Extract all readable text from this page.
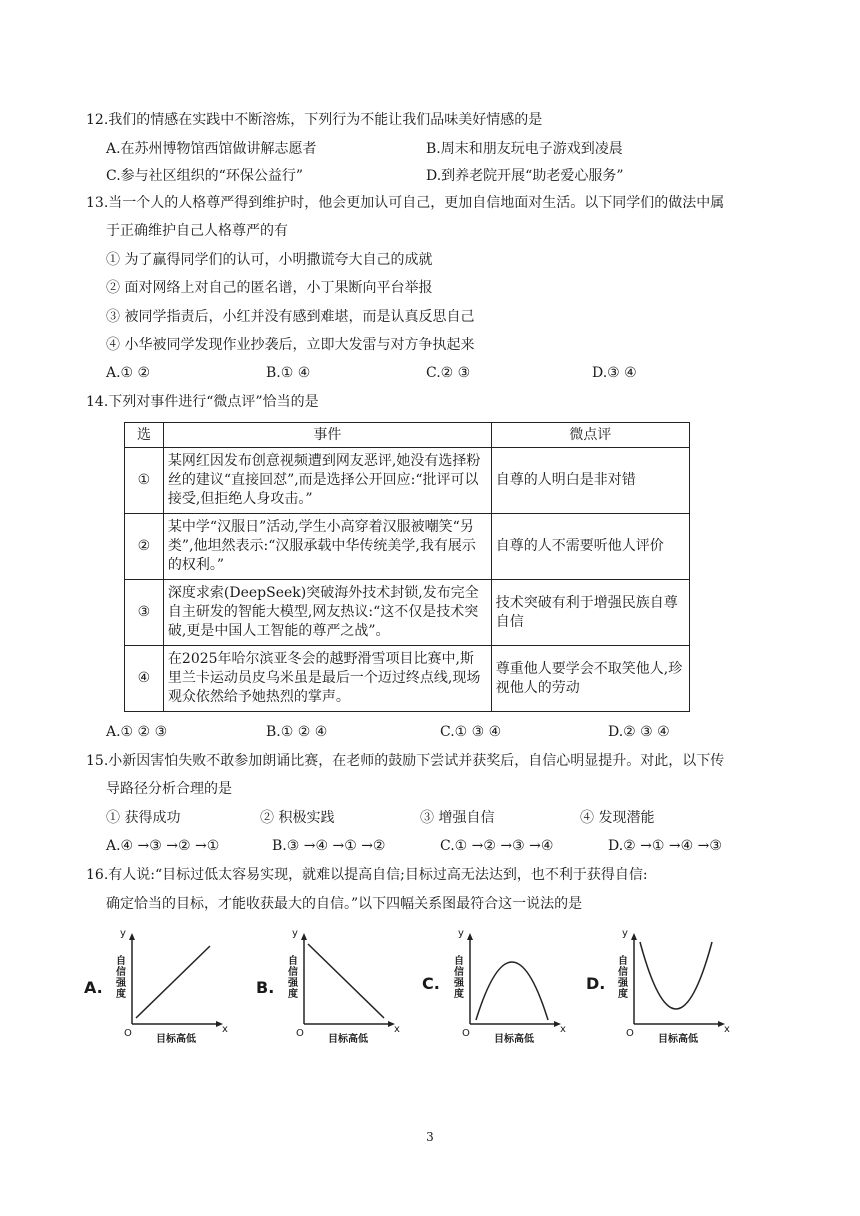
12.我们的情感在实践中不断溶炼，下列行为不能让我们品味美好情感的是
A.在苏州博物馆西馆做讲解志愿者	B.周末和朋友玩电子游戏到凌晨
C.参与社区组织的“环保公益行”	D.到养老院开展“助老爱心服务”
13.当一个人的人格尊严得到维护时，他会更加认可自己，更加自信地面对生活。以下同学们的做法中属
于正确维护自己人格尊严的有
① 为了赢得同学们的认可，小明撒谎夸大自己的成就
② 面对网络上对自己的匿名谱，小丁果断向平台举报
③ 被同学指责后，小红并没有感到难堪，而是认真反思自己
④ 小华被同学发现作业抄袭后，立即大发雷与对方争执起来
A.① ②	B.① ④	C.② ③	D.③ ④
14.下列对事件进行“微点评”恰当的是
选	事件	微点评
①	某网红因发布创意视频遭到网友恶评,她没有选择粉丝的建议“直接回怼”,而是选择公开回应:“批评可以接受,但拒绝人身攻击。”	自尊的人明白是非对错
②	某中学“汉服日”活动,学生小高穿着汉服被嘲笑“另类”,他坦然表示:“汉服承载中华传统美学,我有展示的权利。”	自尊的人不需要听他人评价
③	深度求索(DeepSeek)突破海外技术封锁,发布完全自主研发的智能大模型,网友热议:“这不仅是技术突破,更是中国人工智能的尊严之战”。	技术突破有利于增强民族自尊自信
④	在2025年哈尔滨亚冬会的越野滑雪项目比赛中,斯里兰卡运动员皮乌米虽是最后一个迈过终点线,现场观众依然给予她热烈的掌声。	尊重他人要学会不取笑他人,珍视他人的劳动
A.① ② ③	B.① ② ④	C.① ③ ④	D.② ③ ④
15.小新因害怕失败不敢参加朗诵比赛，在老师的鼓励下尝试并获奖后，自信心明显提升。对此，以下传
导路径分析合理的是
① 获得成功	② 积极实践	③ 增强自信	④ 发现潜能
A.④ →③ →② →①	B.③ →④ →① →②	C.① →② →③ →④	D.② →① →④ →③
16.有人说:“目标过低太容易实现，就难以提高自信;目标过高无法达到，也不利于获得自信:
确定恰当的目标，才能收获最大的自信。”以下四幅关系图最符合这一说法的是
A.
y
自信强度
O
目标高低
x
B.
y
自信强度
O
目标高低
x
C.
y
自信强度
O
目标高低
x
D.
y
自信强度
O
目标高低
x
3
